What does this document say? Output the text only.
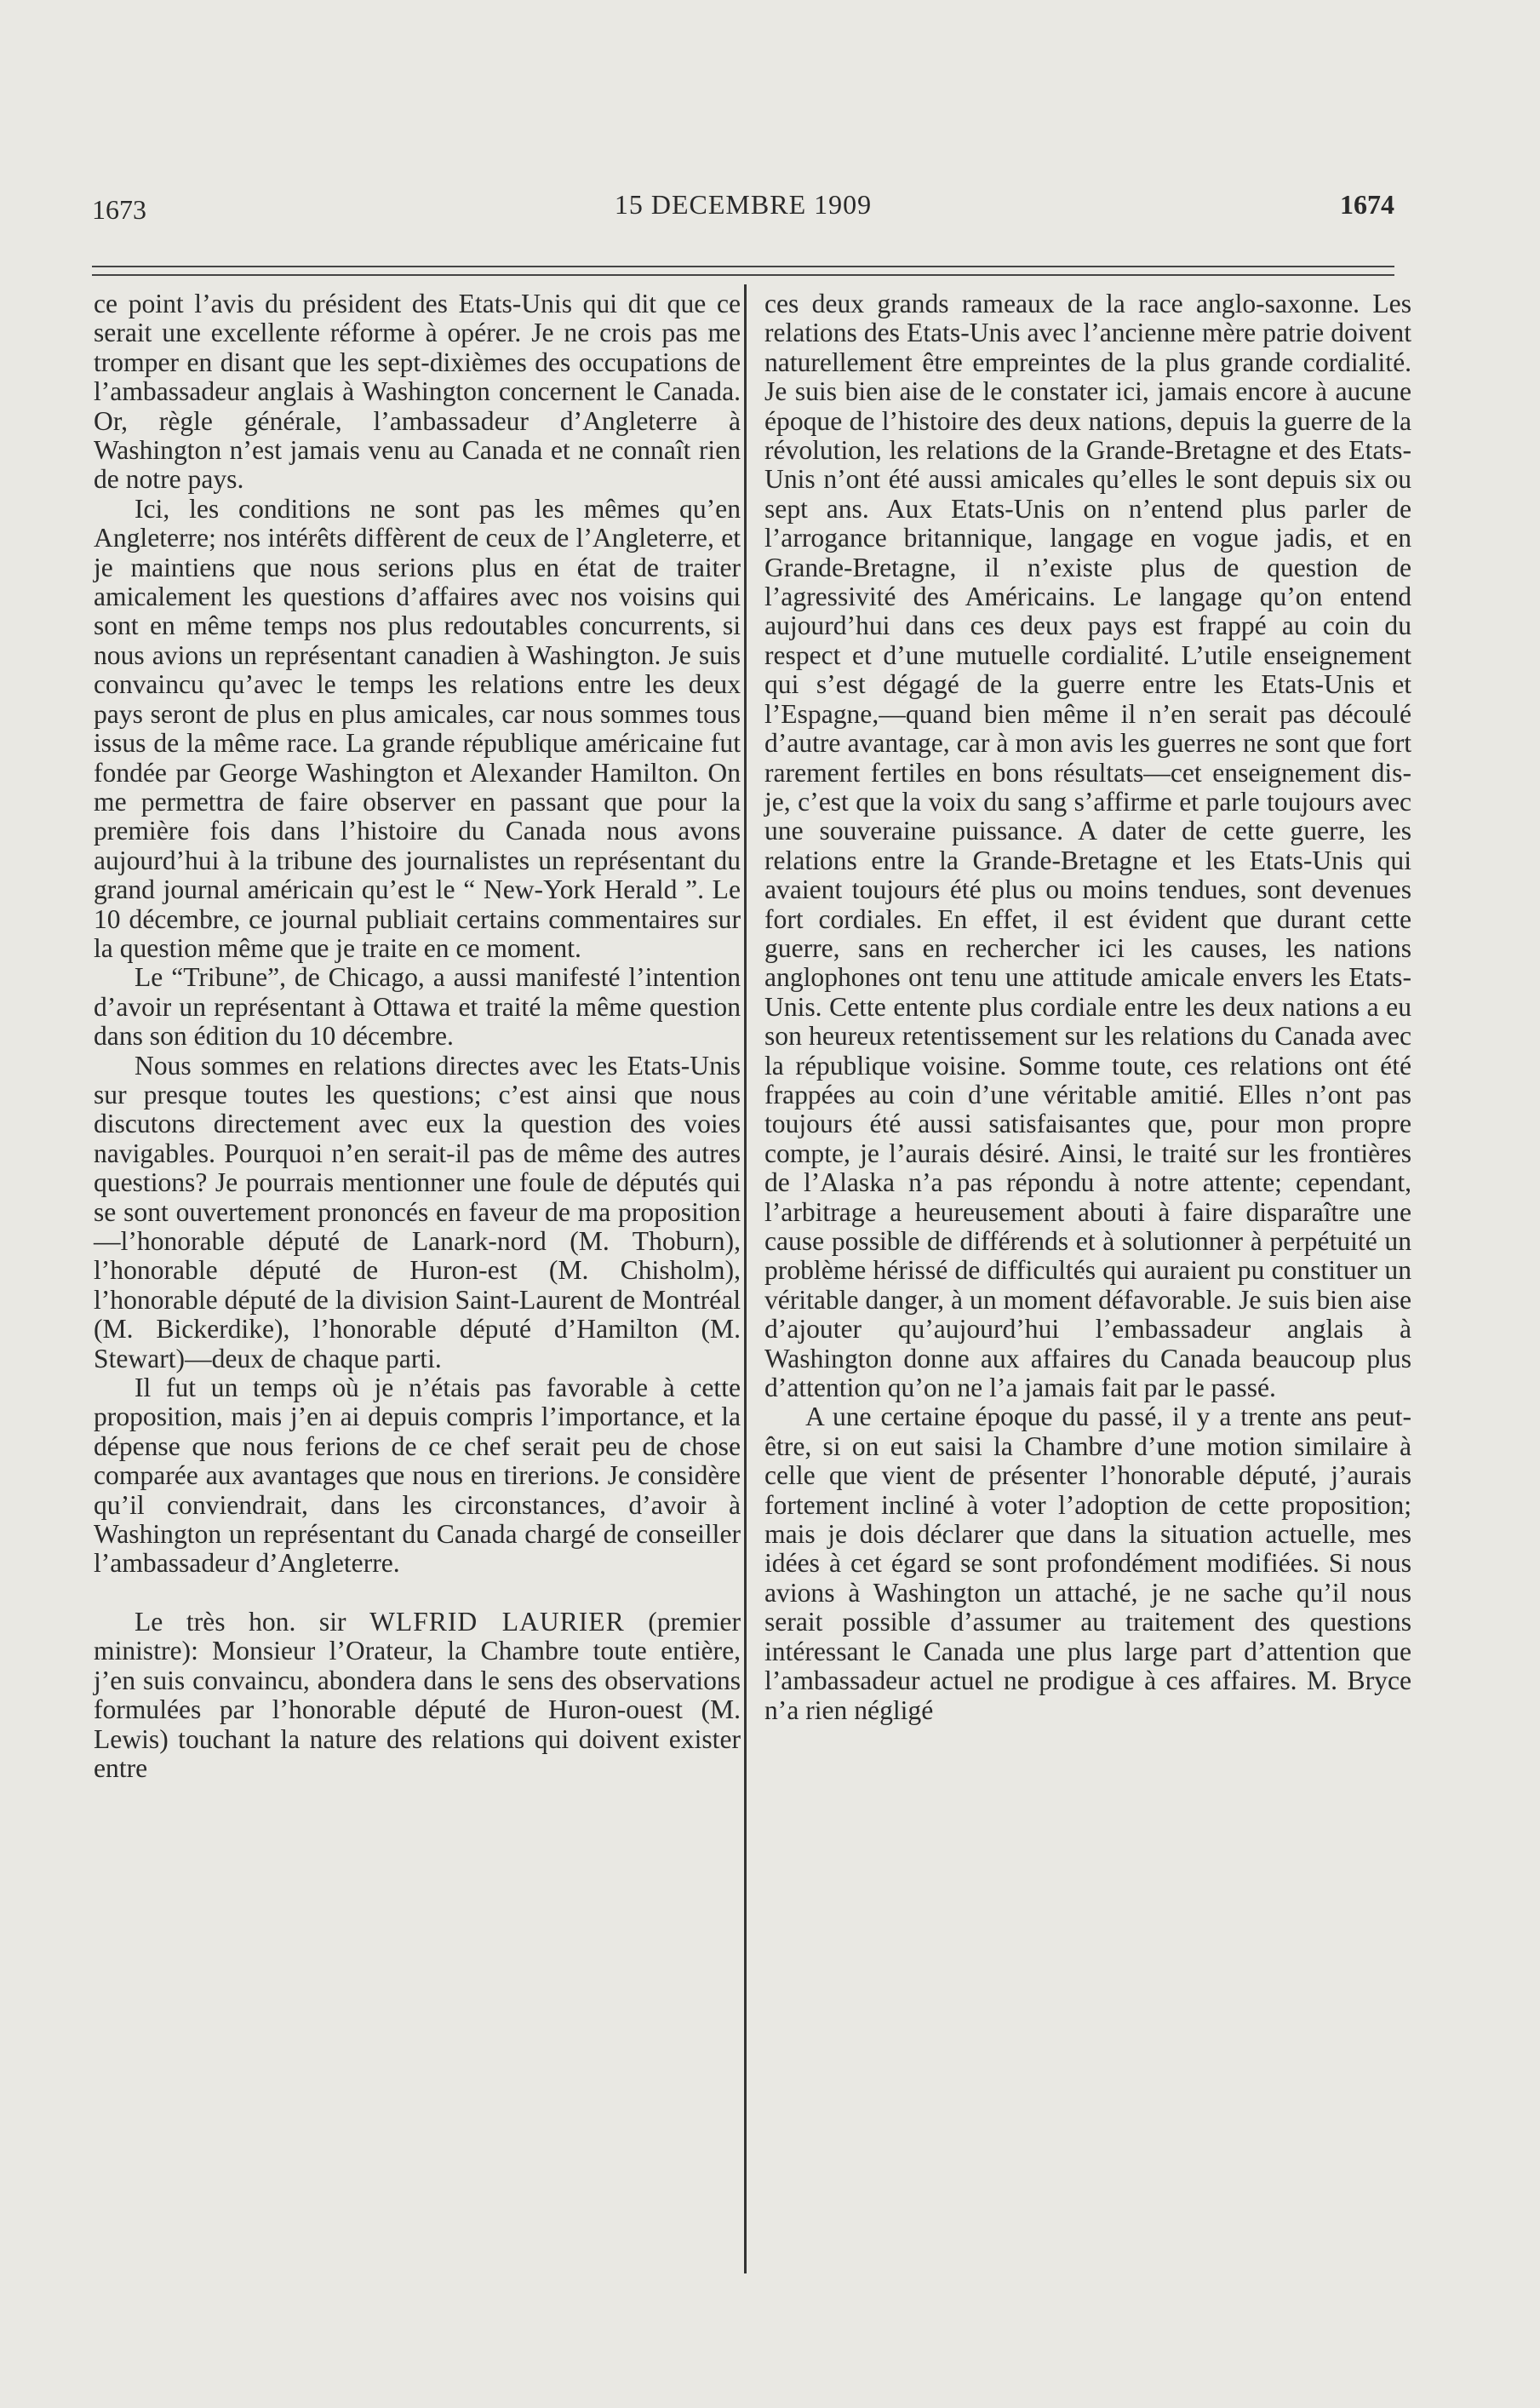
1673	15 DECEMBRE 1909	1674

ce point l’avis du président des Etats-Unis qui dit que ce serait une excellente réforme à opérer. Je ne crois pas me tromper en disant que les sept-dixièmes des occupations de l’ambassadeur anglais à Washington concernent le Canada. Or, règle générale, l’ambassadeur d’Angleterre à Washington n’est jamais venu au Canada et ne connaît rien de notre pays.

Ici, les conditions ne sont pas les mêmes qu’en Angleterre; nos intérêts diffèrent de ceux de l’Angleterre, et je maintiens que nous serions plus en état de traiter amicalement les questions d’affaires avec nos voisins qui sont en même temps nos plus redoutables concurrents, si nous avions un représentant canadien à Washington. Je suis convaincu qu’avec le temps les relations entre les deux pays seront de plus en plus amicales, car nous sommes tous issus de la même race. La grande république américaine fut fondée par George Washington et Alexander Hamilton. On me permettra de faire observer en passant que pour la première fois dans l’histoire du Canada nous avons aujourd’hui à la tribune des journalistes un représentant du grand journal américain qu’est le “ New-York Herald ”. Le 10 décembre, ce journal publiait certains commentaires sur la question même que je traite en ce moment.

Le “Tribune”, de Chicago, a aussi manifesté l’intention d’avoir un représentant à Ottawa et traité la même question dans son édition du 10 décembre.

Nous sommes en relations directes avec les Etats-Unis sur presque toutes les questions; c’est ainsi que nous discutons directement avec eux la question des voies navigables. Pourquoi n’en serait-il pas de même des autres questions? Je pourrais mentionner une foule de députés qui se sont ouvertement prononcés en faveur de ma proposition—l’honorable député de Lanark-nord (M. Thoburn), l’honorable député de Huron-est (M. Chisholm), l’honorable député de la division Saint-Laurent de Montréal (M. Bickerdike), l’honorable député d’Hamilton (M. Stewart)—deux de chaque parti.

Il fut un temps où je n’étais pas favorable à cette proposition, mais j’en ai depuis compris l’importance, et la dépense que nous ferions de ce chef serait peu de chose comparée aux avantages que nous en tirerions. Je considère qu’il conviendrait, dans les circonstances, d’avoir à Washington un représentant du Canada chargé de conseiller l’ambassadeur d’Angleterre.

Le très hon. sir WLFRID LAURIER (premier ministre): Monsieur l’Orateur, la Chambre toute entière, j’en suis convaincu, abondera dans le sens des observations formulées par l’honorable député de Huron-ouest (M. Lewis) touchant la nature des relations qui doivent exister entre

ces deux grands rameaux de la race anglo-saxonne. Les relations des Etats-Unis avec l’ancienne mère patrie doivent naturellement être empreintes de la plus grande cordialité. Je suis bien aise de le constater ici, jamais encore à aucune époque de l’histoire des deux nations, depuis la guerre de la révolution, les relations de la Grande-Bretagne et des Etats-Unis n’ont été aussi amicales qu’elles le sont depuis six ou sept ans. Aux Etats-Unis on n’entend plus parler de l’arrogance britannique, langage en vogue jadis, et en Grande-Bretagne, il n’existe plus de question de l’agressivité des Américains. Le langage qu’on entend aujourd’hui dans ces deux pays est frappé au coin du respect et d’une mutuelle cordialité. L’utile enseignement qui s’est dégagé de la guerre entre les Etats-Unis et l’Espagne,—quand bien même il n’en serait pas découlé d’autre avantage, car à mon avis les guerres ne sont que fort rarement fertiles en bons résultats—cet enseignement dis-je, c’est que la voix du sang s’affirme et parle toujours avec une souveraine puissance. A dater de cette guerre, les relations entre la Grande-Bretagne et les Etats-Unis qui avaient toujours été plus ou moins tendues, sont devenues fort cordiales. En effet, il est évident que durant cette guerre, sans en rechercher ici les causes, les nations anglophones ont tenu une attitude amicale envers les Etats-Unis. Cette entente plus cordiale entre les deux nations a eu son heureux retentissement sur les relations du Canada avec la république voisine. Somme toute, ces relations ont été frappées au coin d’une véritable amitié. Elles n’ont pas toujours été aussi satisfaisantes que, pour mon propre compte, je l’aurais désiré. Ainsi, le traité sur les frontières de l’Alaska n’a pas répondu à notre attente; cependant, l’arbitrage a heureusement abouti à faire disparaître une cause possible de différends et à solutionner à perpétuité un problème hérissé de difficultés qui auraient pu constituer un véritable danger, à un moment défavorable. Je suis bien aise d’ajouter qu’aujourd’hui l’embassadeur anglais à Washington donne aux affaires du Canada beaucoup plus d’attention qu’on ne l’a jamais fait par le passé.

A une certaine époque du passé, il y a trente ans peut-être, si on eut saisi la Chambre d’une motion similaire à celle que vient de présenter l’honorable député, j’aurais fortement incliné à voter l’adoption de cette proposition; mais je dois déclarer que dans la situation actuelle, mes idées à cet égard se sont profondément modifiées. Si nous avions à Washington un attaché, je ne sache qu’il nous serait possible d’assumer au traitement des questions intéressant le Canada une plus large part d’attention que l’ambassadeur actuel ne prodigue à ces affaires. M. Bryce n’a rien négligé
